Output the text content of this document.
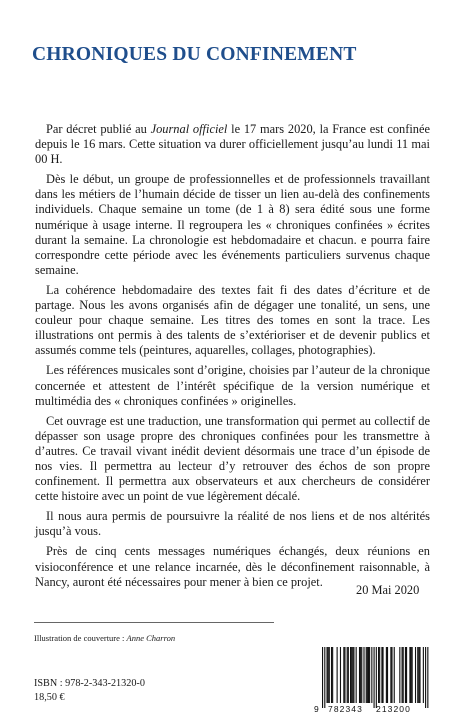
CHRONIQUES DU CONFINEMENT

Par décret publié au Journal officiel le 17 mars 2020, la France est confinée depuis le 16 mars. Cette situation va durer officiellement jusqu’au lundi 11 mai 00 H.

Dès le début, un groupe de professionnelles et de professionnels travaillant dans les métiers de l’humain décide de tisser un lien au-delà des confinements individuels. Chaque semaine un tome (de 1 à 8) sera édité sous une forme numérique à usage interne. Il regroupera les « chroniques confinées » écrites durant la semaine. La chronologie est hebdomadaire et chacun. e pourra faire correspondre cette période avec les événements particuliers survenus chaque semaine.

La cohérence hebdomadaire des textes fait fi des dates d’écriture et de partage. Nous les avons organisés afin de dégager une tonalité, un sens, une couleur pour chaque semaine. Les titres des tomes en sont la trace. Les illustrations ont permis à des talents de s’extérioriser et de devenir publics et assumés comme tels (peintures, aquarelles, collages, photographies).

Les références musicales sont d’origine, choisies par l’auteur de la chronique concernée et attestent de l’intérêt spécifique de la version numérique et multimédia des « chroniques confinées » originelles.

Cet ouvrage est une traduction, une transformation qui permet au collectif de dépasser son usage propre des chroniques confinées pour les transmettre à d’autres. Ce travail vivant inédit devient désormais une trace d’un épisode de nos vies. Il permettra au lecteur d’y retrouver des échos de son propre confinement. Il permettra aux observateurs et aux chercheurs de considérer cette histoire avec un point de vue légèrement décalé.

Il nous aura permis de poursuivre la réalité de nos liens et de nos altérités jusqu’à vous.

Près de cinq cents messages numériques échangés, deux réunions en visioconférence et une relance incarnée, dès le déconfinement raisonnable, à Nancy, auront été nécessaires pour mener à bien ce projet.

20 Mai 2020
Illustration de couverture : Anne Charron
ISBN : 978-2-343-21320-0
18,50 €
9 782343 213200
